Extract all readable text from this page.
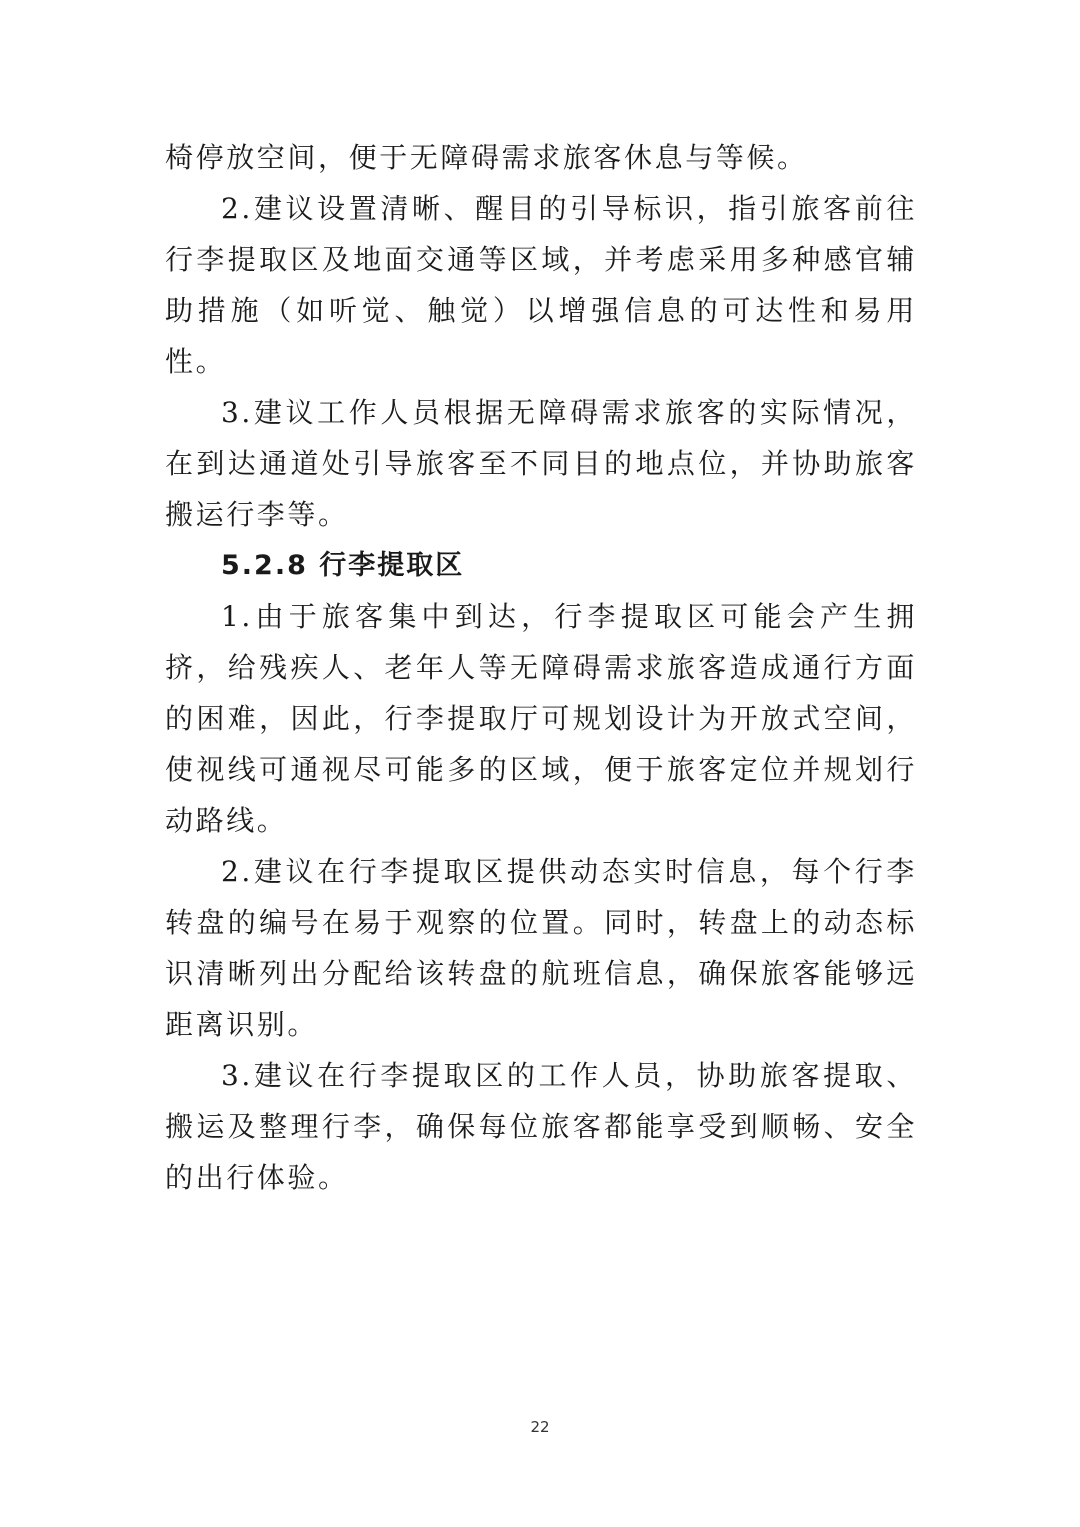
椅停放空间，便于无障碍需求旅客休息与等候。

2.建议设置清晰、醒目的引导标识，指引旅客前往行李提取区及地面交通等区域，并考虑采用多种感官辅助措施（如听觉、触觉）以增强信息的可达性和易用性。

3.建议工作人员根据无障碍需求旅客的实际情况，在到达通道处引导旅客至不同目的地点位，并协助旅客搬运行李等。

5.2.8 行李提取区

1.由于旅客集中到达，行李提取区可能会产生拥挤，给残疾人、老年人等无障碍需求旅客造成通行方面的困难，因此，行李提取厅可规划设计为开放式空间，使视线可通视尽可能多的区域，便于旅客定位并规划行动路线。

2.建议在行李提取区提供动态实时信息，每个行李转盘的编号在易于观察的位置。同时，转盘上的动态标识清晰列出分配给该转盘的航班信息，确保旅客能够远距离识别。

3.建议在行李提取区的工作人员，协助旅客提取、搬运及整理行李，确保每位旅客都能享受到顺畅、安全的出行体验。

22
